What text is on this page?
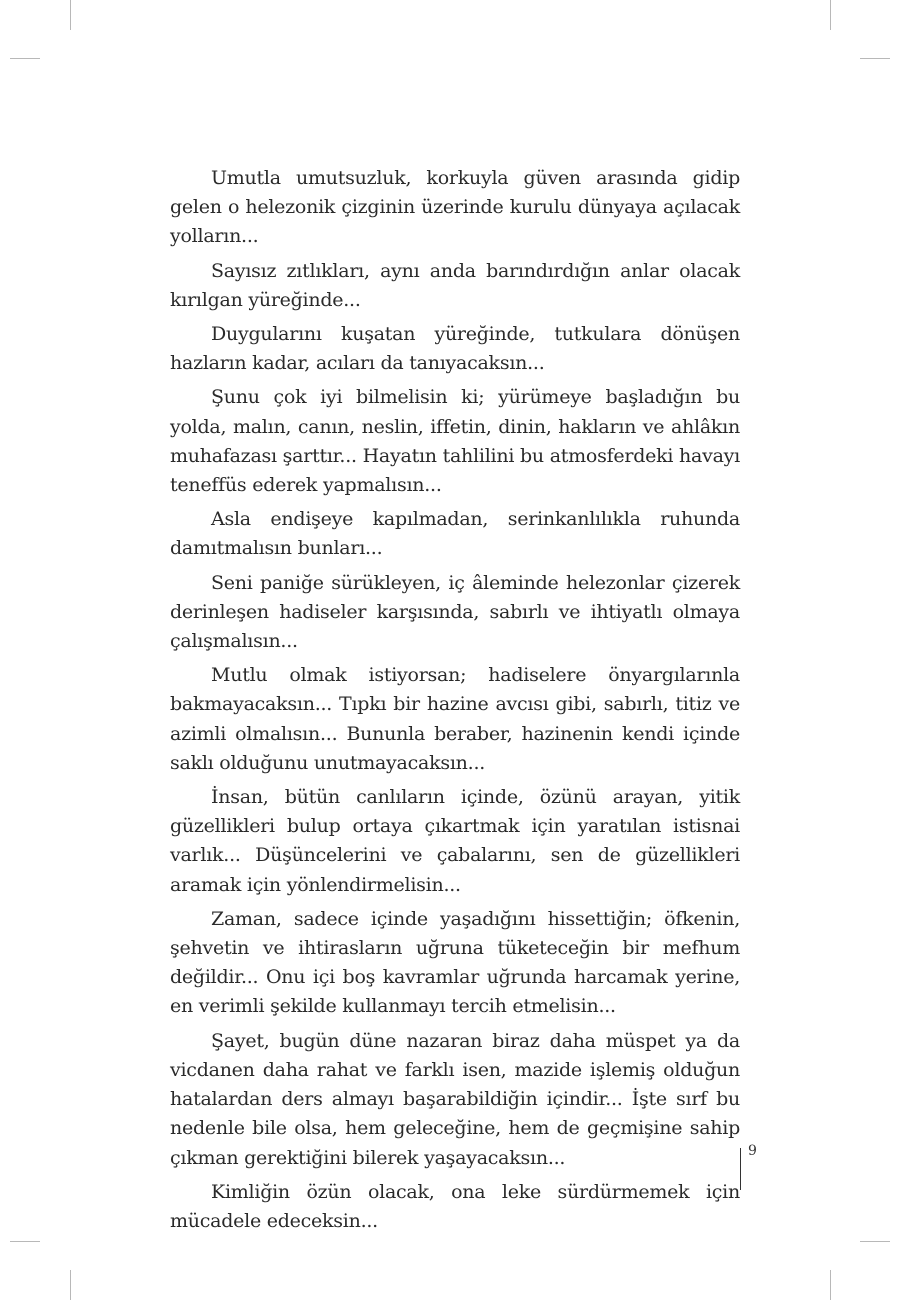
Umutla umutsuzluk, korkuyla güven arasında gidip gelen o helezonik çizginin üzerinde kurulu dünyaya açılacak yolların...

Sayısız zıtlıkları, aynı anda barındırdığın anlar olacak kırılgan yüreğinde...

Duygularını kuşatan yüreğinde, tutkulara dönüşen hazların kadar, acıları da tanıyacaksın...

Şunu çok iyi bilmelisin ki; yürümeye başladığın bu yolda, malın, canın, neslin, iffetin, dinin, hakların ve ahlâkın muhafazası şarttır... Hayatın tahlilini bu atmosferdeki havayı teneffüs ederek yapmalısın...

Asla endişeye kapılmadan, serinkanlılıkla ruhunda damıtmalısın bunları...

Seni paniğe sürükleyen, iç âleminde helezonlar çizerek derinleşen hadiseler karşısında, sabırlı ve ihtiyatlı olmaya çalışmalısın...

Mutlu olmak istiyorsan; hadiselere önyargılarınla bakmayacaksın... Tıpkı bir hazine avcısı gibi, sabırlı, titiz ve azimli olmalısın... Bununla beraber, hazinenin kendi içinde saklı olduğunu unutmayacaksın...

İnsan, bütün canlıların içinde, özünü arayan, yitik güzellikleri bulup ortaya çıkartmak için yaratılan istisnai varlık... Düşüncelerini ve çabalarını, sen de güzellikleri aramak için yönlendirmelisin...

Zaman, sadece içinde yaşadığını hissettiğin; öfkenin, şehvetin ve ihtirasların uğruna tüketeceğin bir mefhum değildir... Onu içi boş kavramlar uğrunda harcamak yerine, en verimli şekilde kullanmayı tercih etmelisin...

Şayet, bugün düne nazaran biraz daha müspet ya da vicdanen daha rahat ve farklı isen, mazide işlemiş olduğun hatalardan ders almayı başarabildiğin içindir... İşte sırf bu nedenle bile olsa, hem geleceğine, hem de geçmişine sahip çıkman gerektiğini bilerek yaşayacaksın...

Kimliğin özün olacak, ona leke sürdürmemek için mücadele edeceksin...

9
